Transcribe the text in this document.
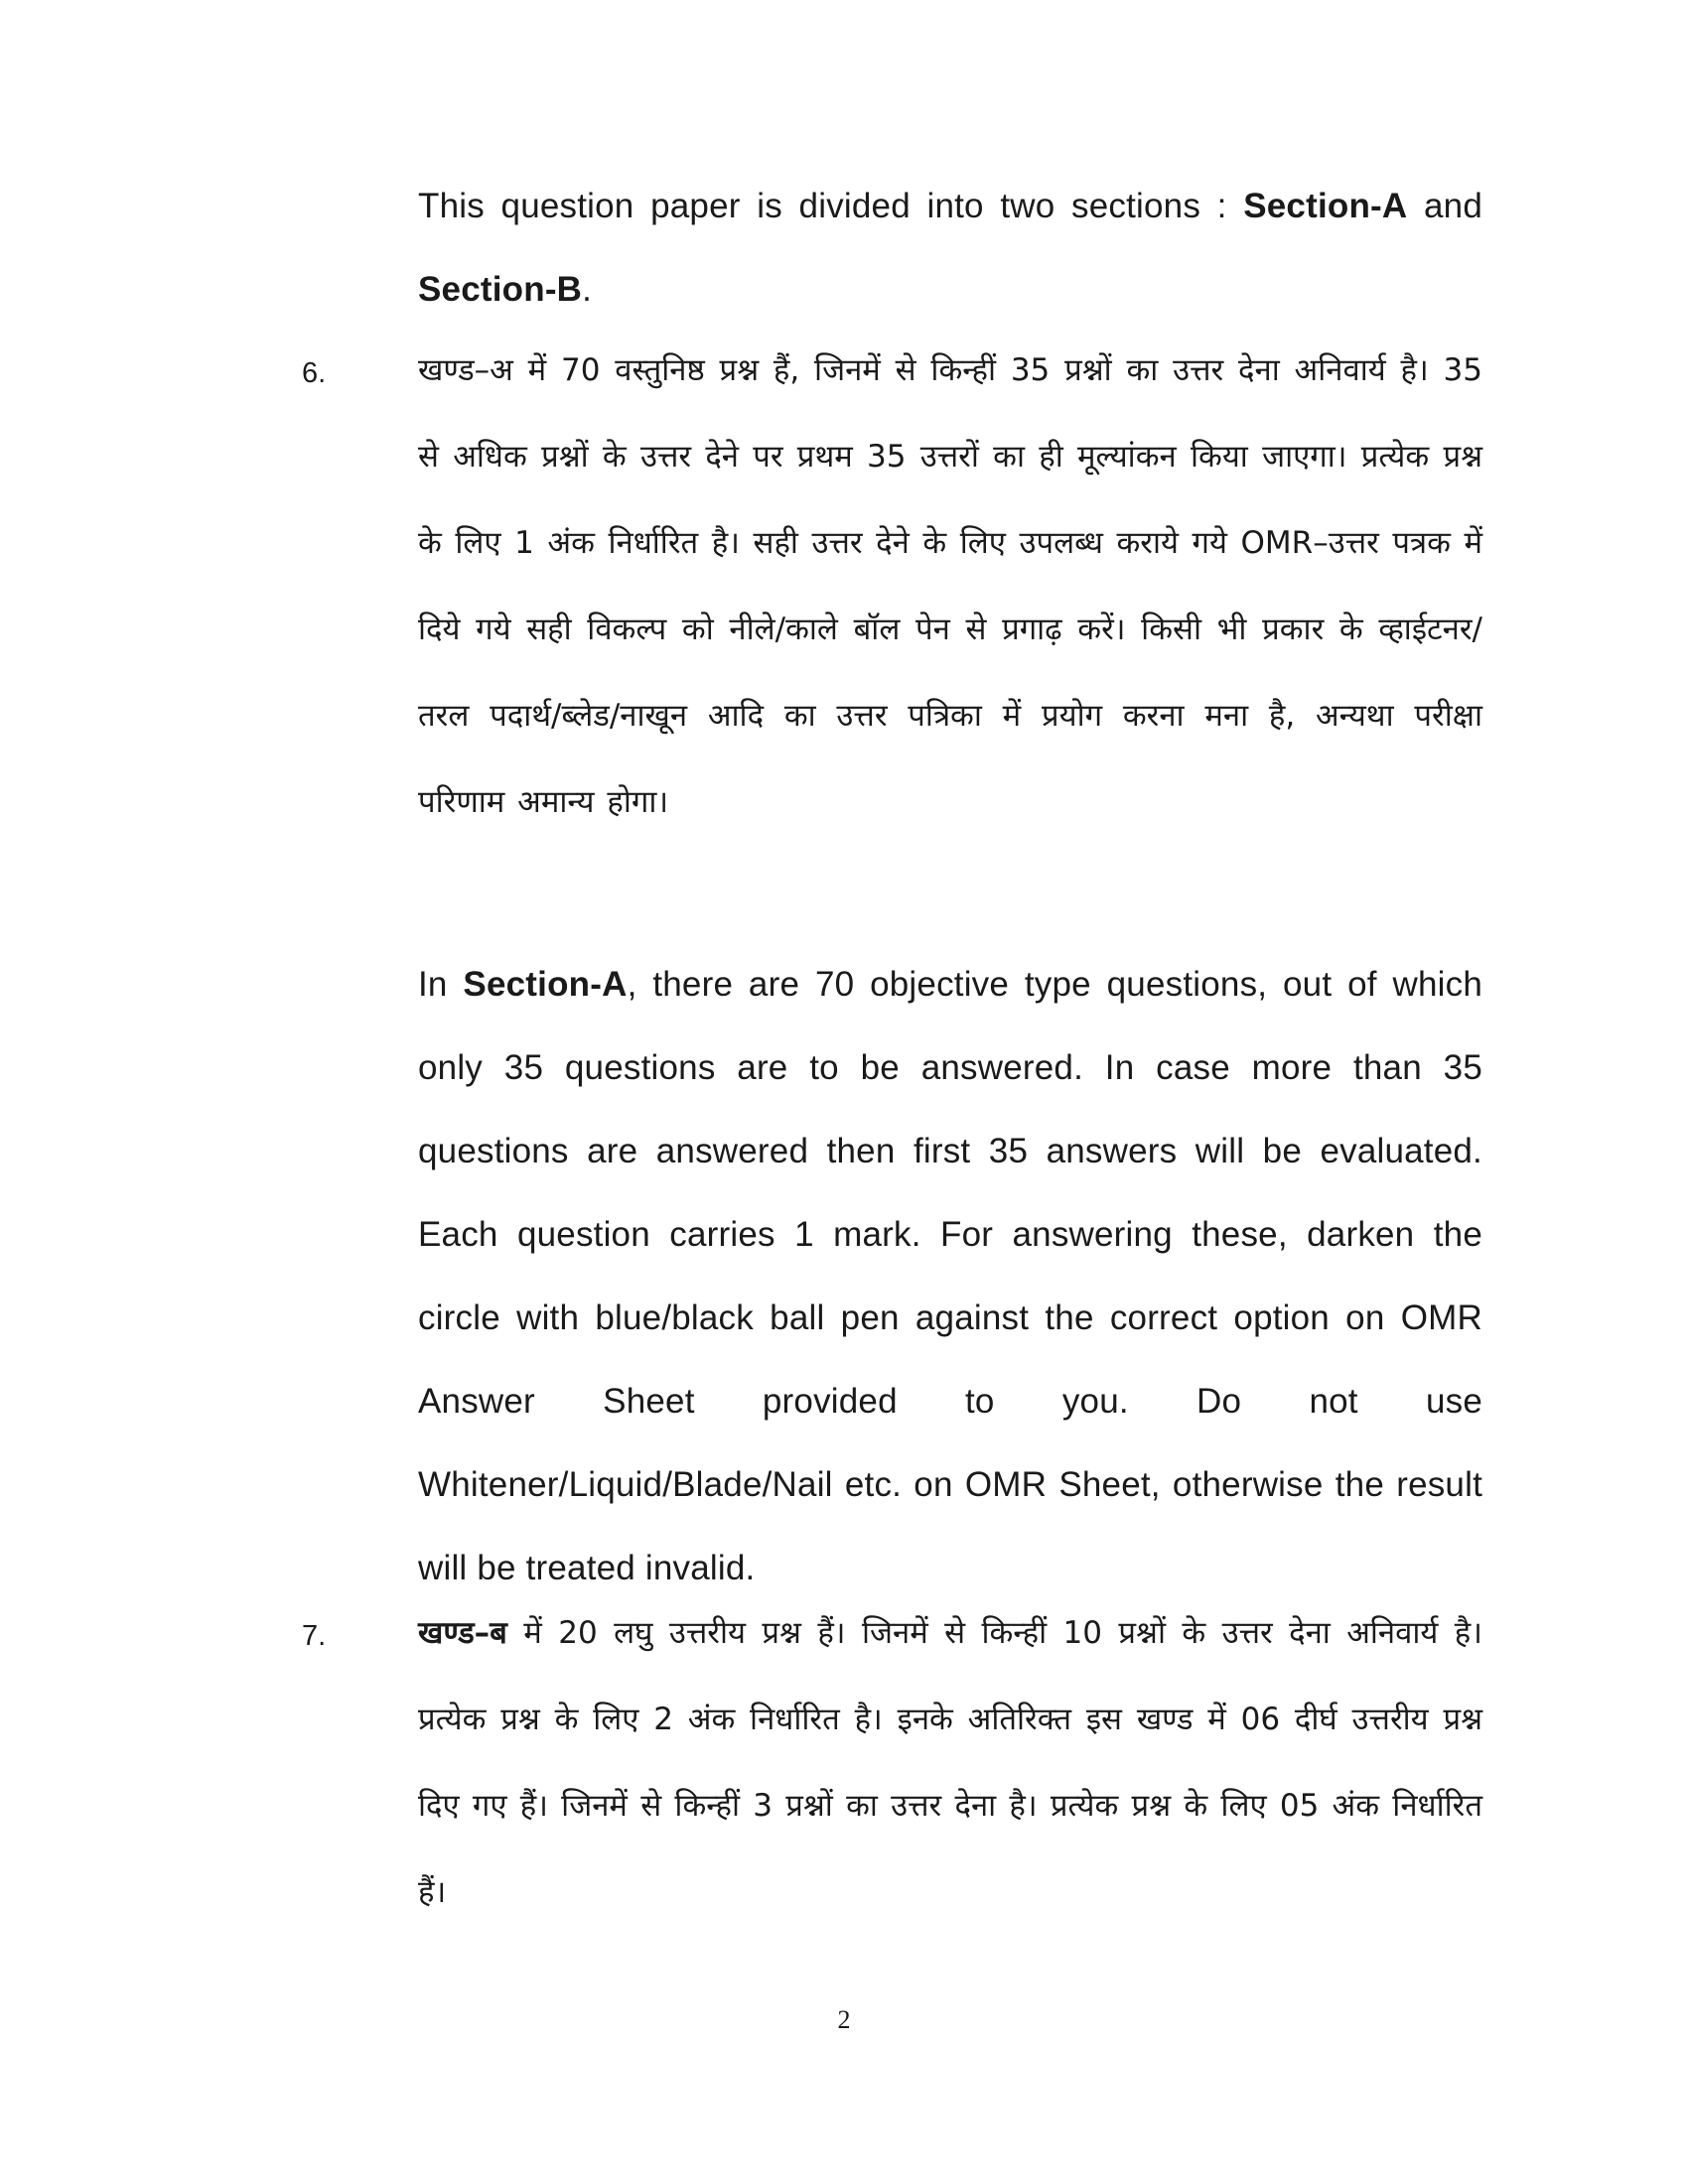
This question paper is divided into two sections : Section-A and Section-B.
6.	खण्ड–अ में 70 वस्तुनिष्ठ प्रश्न हैं, जिनमें से किन्हीं 35 प्रश्नों का उत्तर देना अनिवार्य है। 35 से अधिक प्रश्नों के उत्तर देने पर प्रथम 35 उत्तरों का ही मूल्यांकन किया जाएगा। प्रत्येक प्रश्न के लिए 1 अंक निर्धारित है। सही उत्तर देने के लिए उपलब्ध कराये गये OMR–उत्तर पत्रक में दिये गये सही विकल्प को नीले/काले बॉल पेन से प्रगाढ़ करें। किसी भी प्रकार के व्हाईटनर/तरल पदार्थ/ब्लेड/नाखून आदि का उत्तर पत्रिका में प्रयोग करना मना है, अन्यथा परीक्षा परिणाम अमान्य होगा।
In Section-A, there are 70 objective type questions, out of which only 35 questions are to be answered. In case more than 35 questions are answered then first 35 answers will be evaluated. Each question carries 1 mark. For answering these, darken the circle with blue/black ball pen against the correct option on OMR Answer Sheet provided to you. Do not use Whitener/Liquid/Blade/Nail etc. on OMR Sheet, otherwise the result will be treated invalid.
7.	खण्ड–ब में 20 लघु उत्तरीय प्रश्न हैं। जिनमें से किन्हीं 10 प्रश्नों के उत्तर देना अनिवार्य है। प्रत्येक प्रश्न के लिए 2 अंक निर्धारित है। इनके अतिरिक्त इस खण्ड में 06 दीर्घ उत्तरीय प्रश्न दिए गए हैं। जिनमें से किन्हीं 3 प्रश्नों का उत्तर देना है। प्रत्येक प्रश्न के लिए 05 अंक निर्धारित हैं।
2
